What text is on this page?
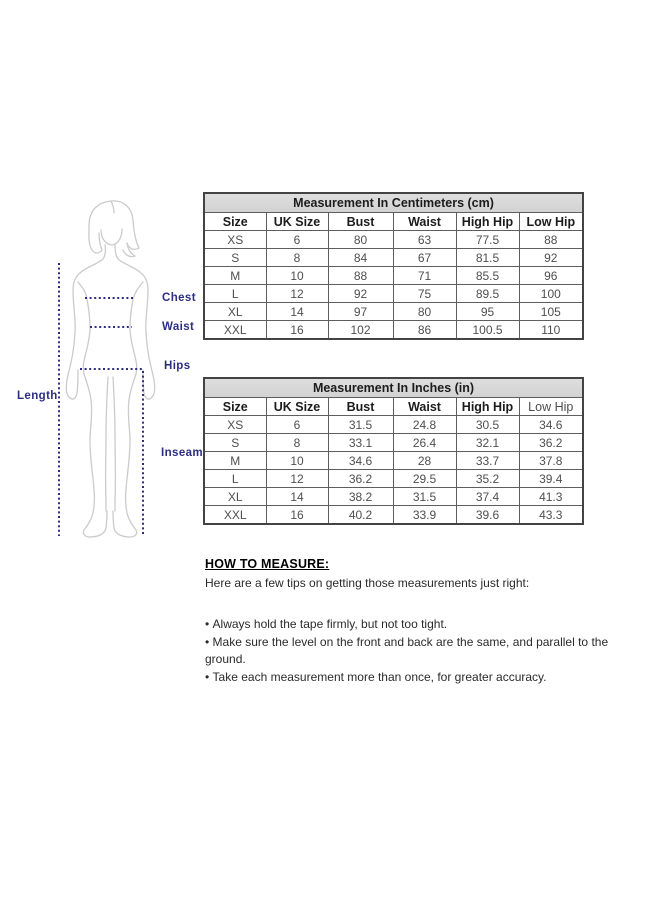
Length
Chest
Waist
Hips
Inseam
Measurement In Centimeters (cm)					
Size	UK Size	Bust	Waist	High Hip	Low Hip
XS	6	80	63	77.5	88
S	8	84	67	81.5	92
M	10	88	71	85.5	96
L	12	92	75	89.5	100
XL	14	97	80	95	105
XXL	16	102	86	100.5	110
Measurement In Inches (in)					
Size	UK Size	Bust	Waist	High Hip	Low Hip
XS	6	31.5	24.8	30.5	34.6
S	8	33.1	26.4	32.1	36.2
M	10	34.6	28	33.7	37.8
L	12	36.2	29.5	35.2	39.4
XL	14	38.2	31.5	37.4	41.3
XXL	16	40.2	33.9	39.6	43.3
HOW TO MEASURE:
Here are a few tips on getting those measurements just right:
• Always hold the tape firmly, but not too tight.
• Make sure the level on the front and back are the same, and parallel to the ground.
• Take each measurement more than once, for greater accuracy.
